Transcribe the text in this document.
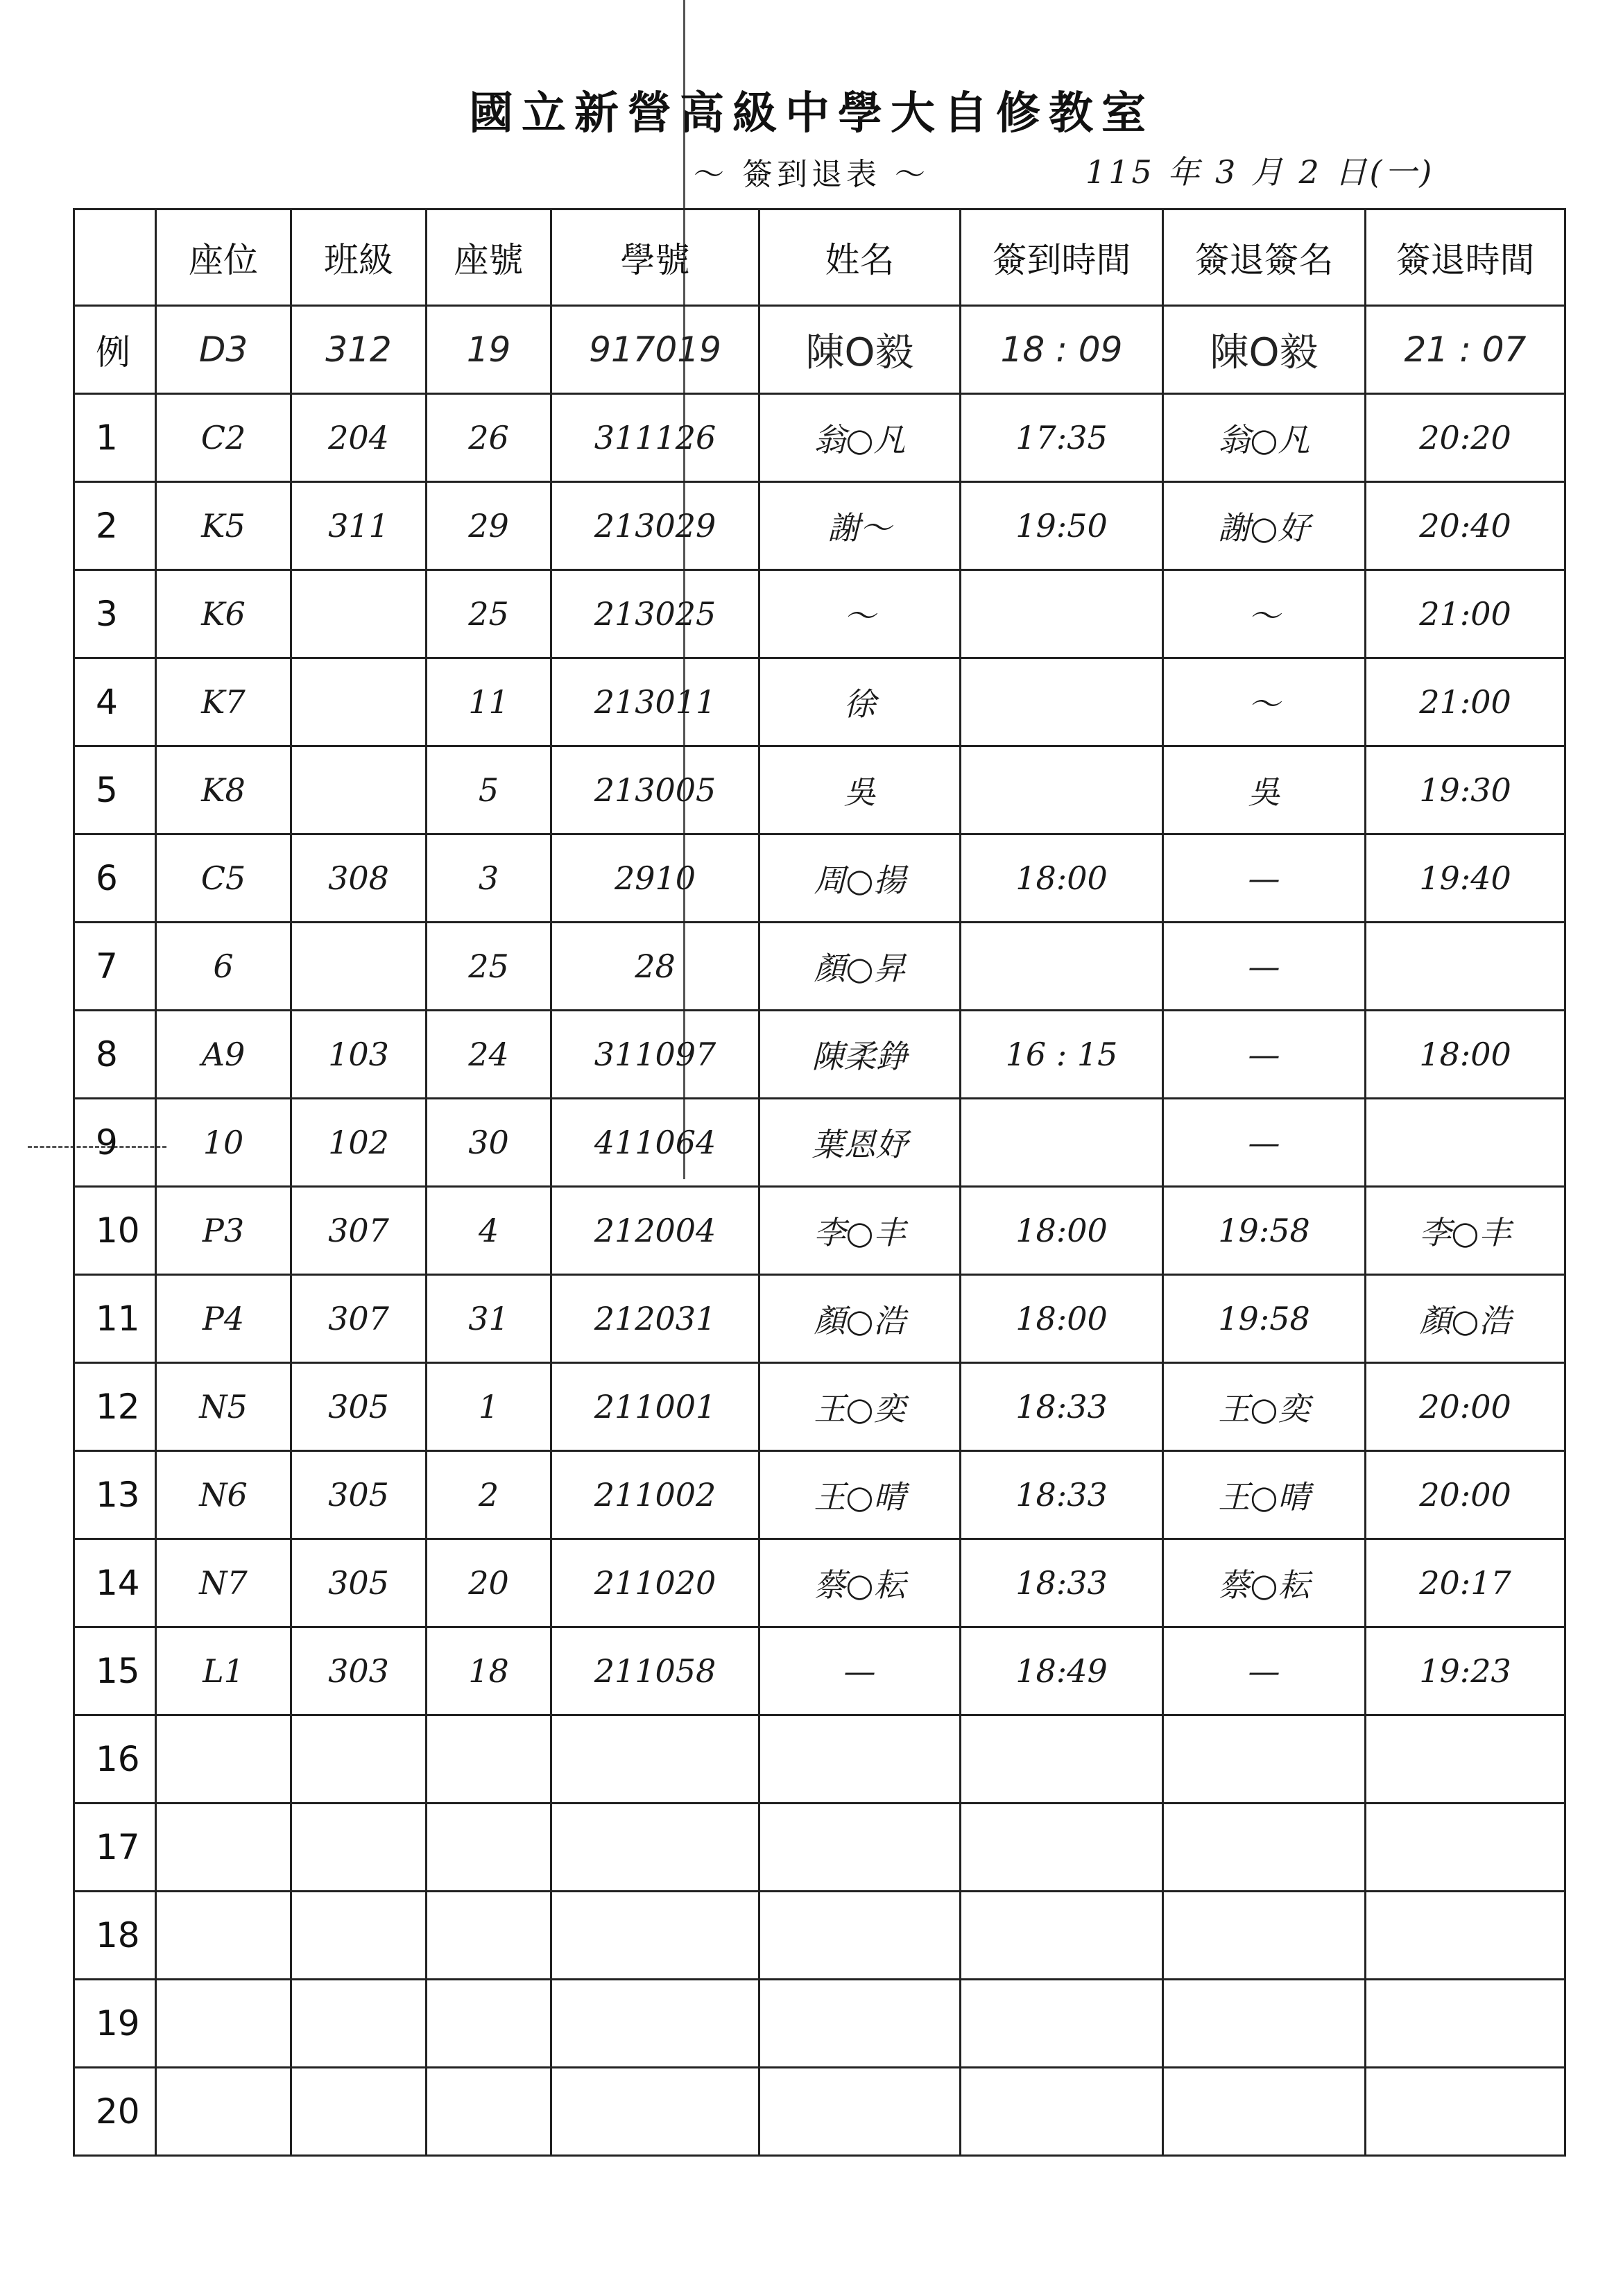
國立新營高級中學大自修教室
～ 簽到退表 ～	115 年 3 月 2 日(一)
	座位	班級	座號	學號	姓名	簽到時間	簽退簽名	簽退時間
例	D3	312	19	917019	陳O毅	18 : 09	陳O毅	21 : 07
1	C2	204	26	311126	翁○凡	17:35	翁○凡	20:20
2	K5	311	29	213029	謝～	19:50	謝○好	20:40
3	K6		25	213025	～		～	21:00
4	K7		11	213011	徐		～	21:00
5	K8		5	213005	吳		吳	19:30
6	C5	308	3	2910	周○揚	18:00	—	19:40
7	6		25	28	顏○昇		—	
8	A9	103	24	311097	陳柔錚	16 : 15	—	18:00
9	10	102	30	411064	葉恩妤		—	
10	P3	307	4	212004	李○丰	18:00	19:58	李○丰
11	P4	307	31	212031	顏○浩	18:00	19:58	顏○浩
12	N5	305	1	211001	王○奕	18:33	王○奕	20:00
13	N6	305	2	211002	王○晴	18:33	王○晴	20:00
14	N7	305	20	211020	蔡○耘	18:33	蔡○耘	20:17
15	L1	303	18	211058	—	18:49	—	19:23
16								
17								
18								
19								
20								
